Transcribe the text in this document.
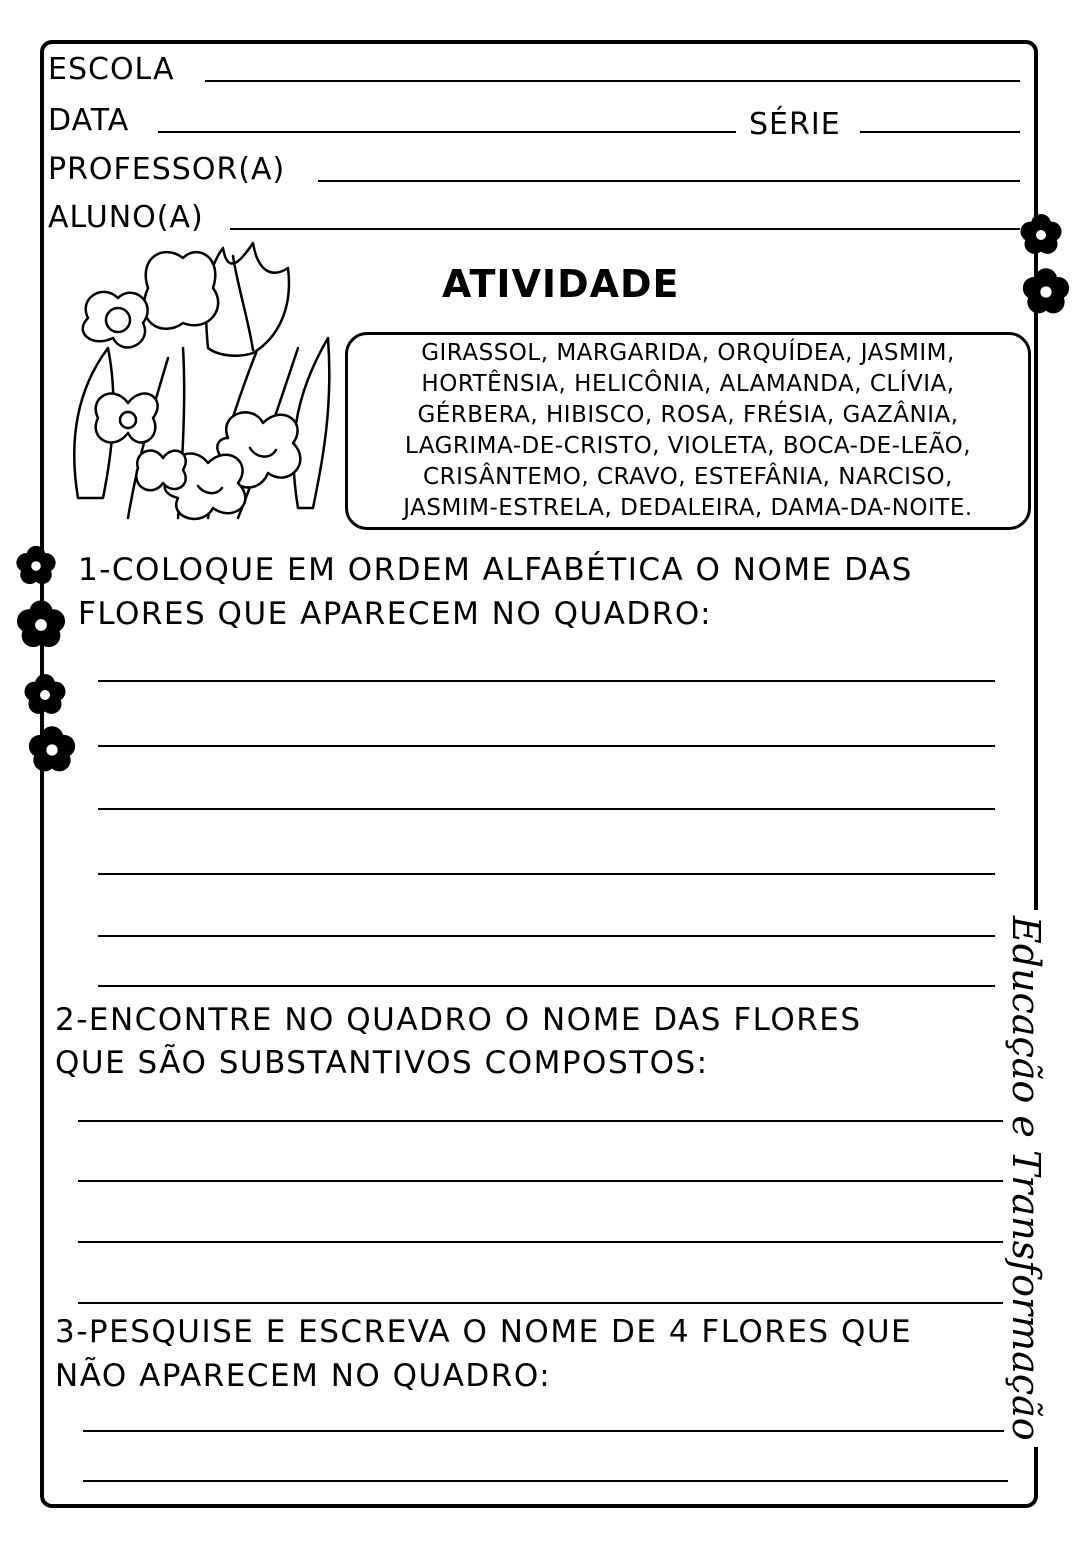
ESCOLA
DATA	SÉRIE
PROFESSOR(A)
ALUNO(A)
ATIVIDADE
GIRASSOL, MARGARIDA, ORQUÍDEA, JASMIM,
HORTÊNSIA, HELICÔNIA, ALAMANDA, CLÍVIA,
GÉRBERA, HIBISCO, ROSA, FRÉSIA, GAZÂNIA,
LAGRIMA-DE-CRISTO, VIOLETA, BOCA-DE-LEÃO,
CRISÂNTEMO, CRAVO, ESTEFÂNIA, NARCISO,
JASMIM-ESTRELA, DEDALEIRA, DAMA-DA-NOITE.
1-COLOQUE EM ORDEM ALFABÉTICA O NOME DAS
FLORES QUE APARECEM NO QUADRO:
2-ENCONTRE NO QUADRO O NOME DAS FLORES
QUE SÃO SUBSTANTIVOS COMPOSTOS:
3-PESQUISE E ESCREVA O NOME DE 4 FLORES QUE
NÃO APARECEM NO QUADRO:	Educação e Transformação
